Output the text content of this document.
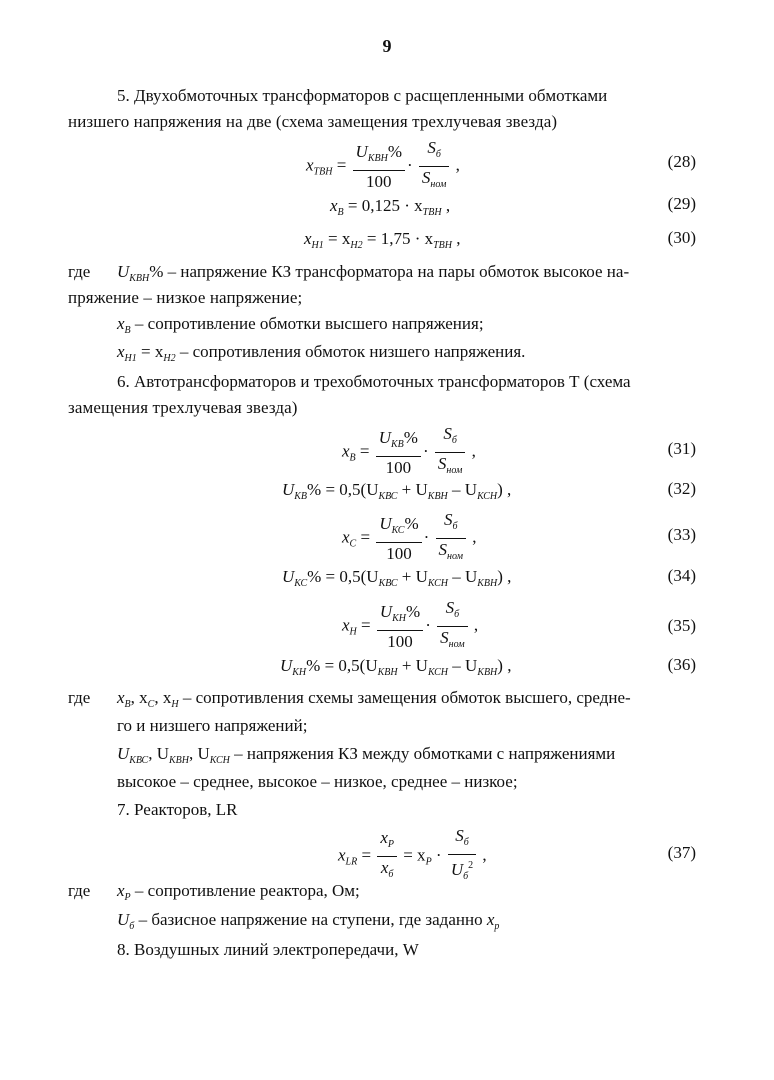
9
5. Двухобмоточных трансформаторов с расщепленными обмотками
низшего напряжения на две (схема замещения трехлучевая звезда)
$x_{ТВН} = \frac{U_{КВН}\%}{100} \cdot \frac{S_б}{S_{ном}}$ ,	(28)
$x_В = 0,125 \cdot x_{ТВН}$ ,	(29)
$x_{Н1} = x_{Н2} = 1,75 \cdot x_{ТВН}$ ,	(30)
где $U_{КВН}\%$ – напряжение КЗ трансформатора на пары обмоток высокое на-
пряжение – низкое напряжение;
$x_В$ – сопротивление обмотки высшего напряжения;
$x_{Н1} = x_{Н2}$ – сопротивления обмоток низшего напряжения.
6. Автотрансформаторов и трехобмоточных трансформаторов Т (схема
замещения трехлучевая звезда)
$x_В = \frac{U_{КВ}\%}{100} \cdot \frac{S_б}{S_{ном}}$ ,	(31)
$U_{КВ}\% = 0,5(U_{КВС} + U_{КВН} - U_{КСН})$ ,	(32)
$x_С = \frac{U_{КС}\%}{100} \cdot \frac{S_б}{S_{ном}}$ ,	(33)
$U_{КС}\% = 0,5(U_{КВС} + U_{КСН} - U_{КВН})$ ,	(34)
$x_Н = \frac{U_{КН}\%}{100} \cdot \frac{S_б}{S_{ном}}$ ,	(35)
$U_{КН}\% = 0,5(U_{КВН} + U_{КСН} - U_{КВН})$ ,	(36)
где $x_В$, $x_С$, $x_Н$ – сопротивления схемы замещения обмоток высшего, средне-
го и низшего напряжений;
$U_{КВС}$, $U_{КВН}$, $U_{КСН}$ – напряжения КЗ между обмотками с напряжениями
высокое – среднее, высокое – низкое, среднее – низкое;
7. Реакторов, LR
$x_{LR} = \frac{x_Р}{x_б} = x_Р \cdot \frac{S_б}{U_б^2}$ ,	(37)
где $x_Р$ – сопротивление реактора, Ом;
$U_б$ – базисное напряжение на ступени, где заданно $x_р$
8. Воздушных линий электропередачи, W
